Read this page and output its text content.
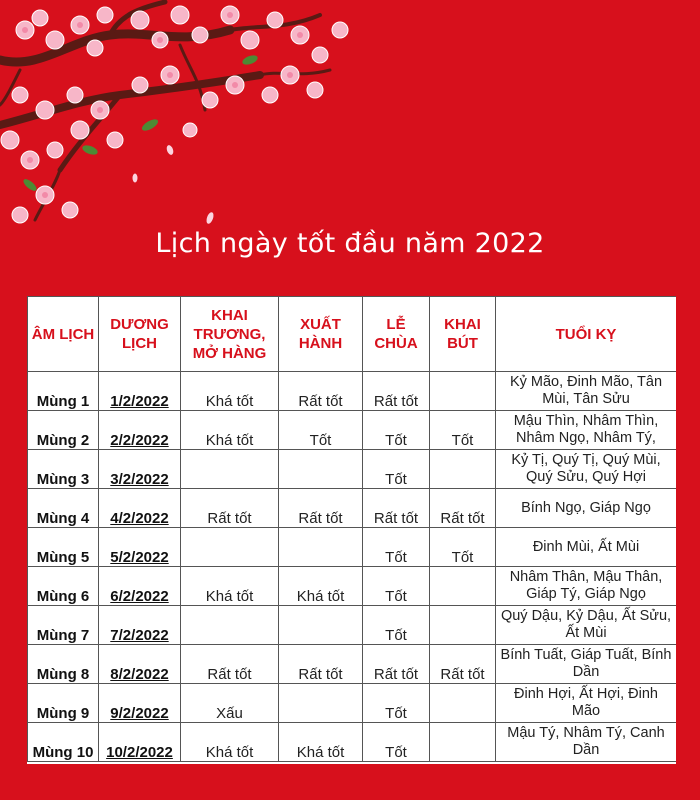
Lịch ngày tốt đầu năm 2022
ÂM LỊCH	DƯƠNG LỊCH	KHAI TRƯƠNG, MỞ HÀNG	XUẤT HÀNH	LỄ CHÙA	KHAI BÚT	TUỔI KỴ
Mùng 1	1/2/2022	Khá tốt	Rất tốt	Rất tốt		Kỷ Mão, Đinh Mão, Tân Mùi, Tân Sửu
Mùng 2	2/2/2022	Khá tốt	Tốt	Tốt	Tốt	Mậu Thìn, Nhâm Thìn, Nhâm Ngọ, Nhâm Tý,
Mùng 3	3/2/2022			Tốt		Kỷ Tị, Quý Tị, Quý Mùi, Quý Sửu, Quý Hợi
Mùng 4	4/2/2022	Rất tốt	Rất tốt	Rất tốt	Rất tốt	Bính Ngọ, Giáp Ngọ
Mùng 5	5/2/2022			Tốt	Tốt	Đinh Mùi, Ất Mùi
Mùng 6	6/2/2022	Khá tốt	Khá tốt	Tốt		Nhâm Thân, Mậu Thân, Giáp Tý, Giáp Ngọ
Mùng 7	7/2/2022			Tốt		Quý Dậu, Kỷ Dậu, Ất Sửu, Ất Mùi
Mùng 8	8/2/2022	Rất tốt	Rất tốt	Rất tốt	Rất tốt	Bính Tuất, Giáp Tuất, Bính Dần
Mùng 9	9/2/2022	Xấu		Tốt		Đinh Hợi, Ất Hợi, Đinh Mão
Mùng 10	10/2/2022	Khá tốt	Khá tốt	Tốt		Mậu Tý, Nhâm Tý, Canh Dần
